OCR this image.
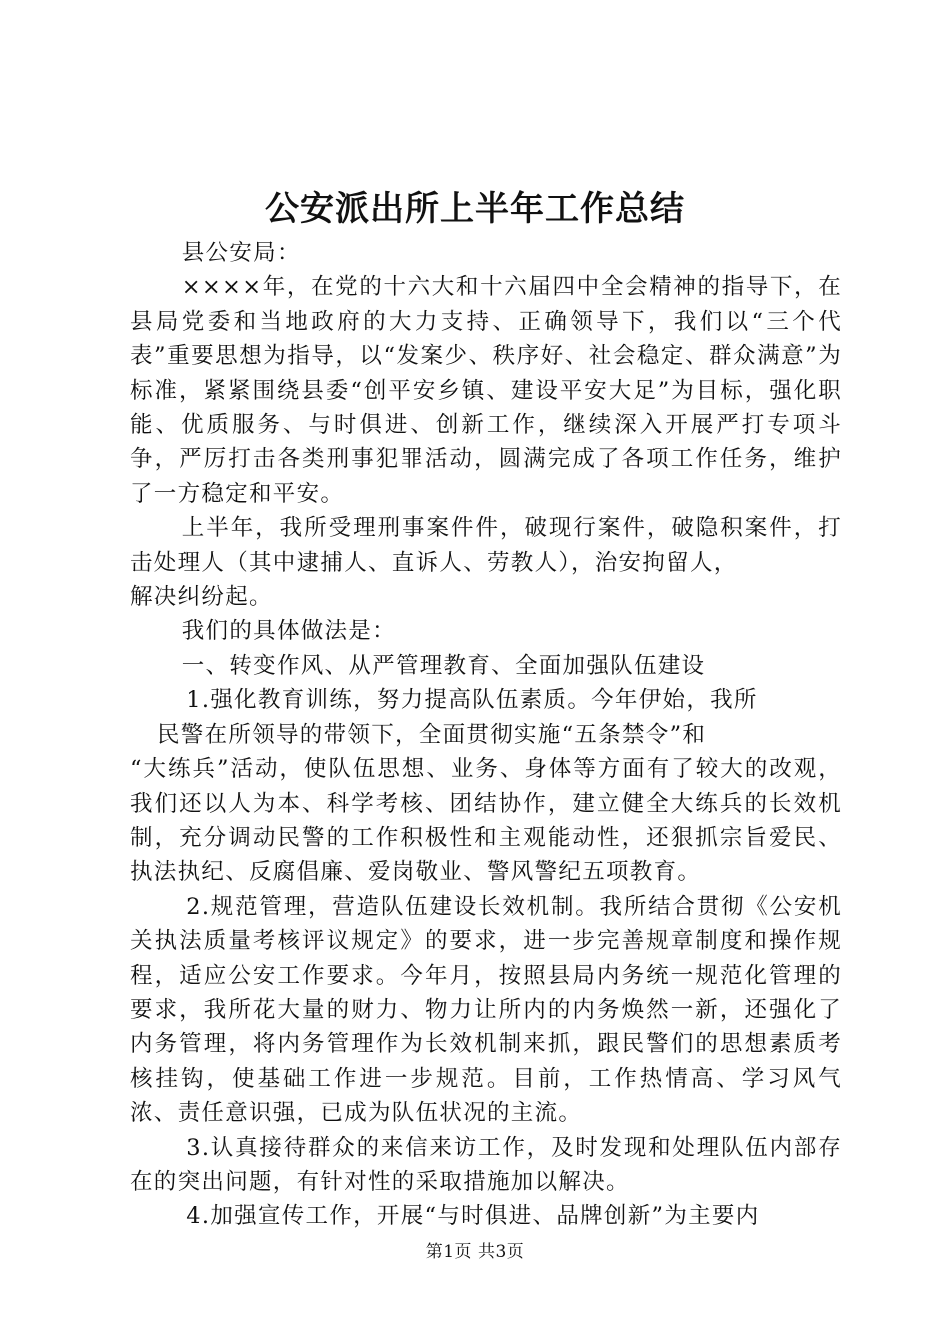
公安派出所上半年工作总结

县公安局：

××××年，在党的十六大和十六届四中全会精神的指导下，在县局党委和当地政府的大力支持、正确领导下，我们以“三个代表”重要思想为指导，以“发案少、秩序好、社会稳定、群众满意”为标准，紧紧围绕县委“创平安乡镇、建设平安大足”为目标，强化职能、优质服务、与时俱进、创新工作，继续深入开展严打专项斗争，严厉打击各类刑事犯罪活动，圆满完成了各项工作任务，维护了一方稳定和平安。

上半年，我所受理刑事案件件，破现行案件，破隐积案件，打击处理人（其中逮捕人、直诉人、劳教人），治安拘留人，

解决纠纷起。

我们的具体做法是：

一、转变作风、从严管理教育、全面加强队伍建设

1.强化教育训练，努力提高队伍素质。今年伊始，我所

民警在所领导的带领下，全面贯彻实施“五条禁令”和

“大练兵”活动，使队伍思想、业务、身体等方面有了较大的改观，我们还以人为本、科学考核、团结协作，建立健全大练兵的长效机制，充分调动民警的工作积极性和主观能动性，还狠抓宗旨爱民、执法执纪、反腐倡廉、爱岗敬业、警风警纪五项教育。

2.规范管理，营造队伍建设长效机制。我所结合贯彻《公安机关执法质量考核评议规定》的要求，进一步完善规章制度和操作规程，适应公安工作要求。今年月，按照县局内务统一规范化管理的要求，我所花大量的财力、物力让所内的内务焕然一新，还强化了内务管理，将内务管理作为长效机制来抓，跟民警们的思想素质考核挂钩，使基础工作进一步规范。目前，工作热情高、学习风气浓、责任意识强，已成为队伍状况的主流。

3.认真接待群众的来信来访工作，及时发现和处理队伍内部存在的突出问题，有针对性的采取措施加以解决。

4.加强宣传工作，开展“与时俱进、品牌创新”为主要内

第1页 共3页
